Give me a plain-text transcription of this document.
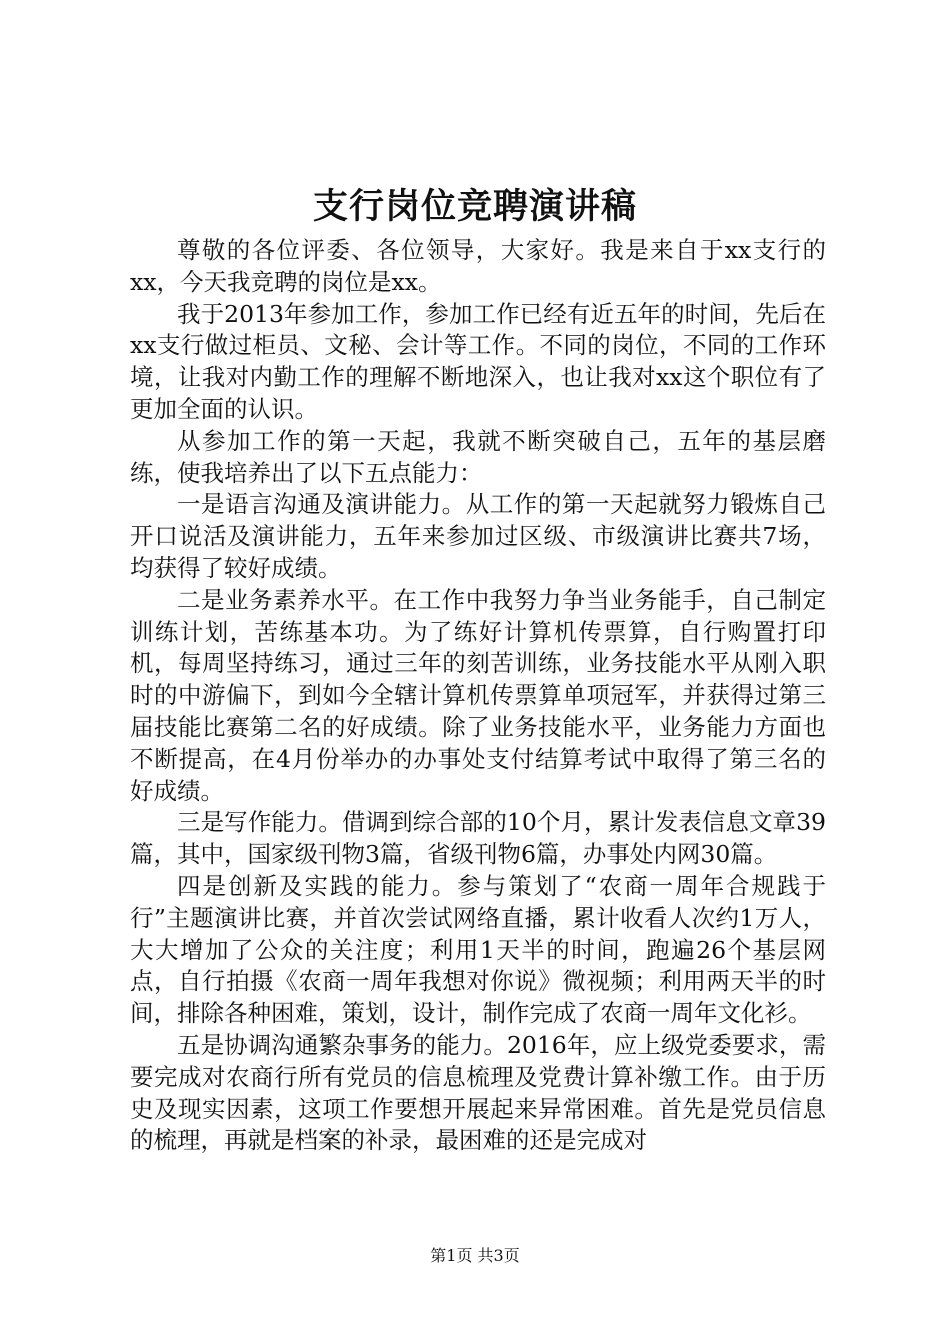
支行岗位竞聘演讲稿

尊敬的各位评委、各位领导，大家好。我是来自于xx支行的xx，今天我竞聘的岗位是xx。

我于2013年参加工作，参加工作已经有近五年的时间，先后在xx支行做过柜员、文秘、会计等工作。不同的岗位，不同的工作环境，让我对内勤工作的理解不断地深入，也让我对xx这个职位有了更加全面的认识。

从参加工作的第一天起，我就不断突破自己，五年的基层磨练，使我培养出了以下五点能力：

一是语言沟通及演讲能力。从工作的第一天起就努力锻炼自己开口说活及演讲能力，五年来参加过区级、市级演讲比赛共7场，均获得了较好成绩。

二是业务素养水平。在工作中我努力争当业务能手，自己制定训练计划，苦练基本功。为了练好计算机传票算，自行购置打印机，每周坚持练习，通过三年的刻苦训练，业务技能水平从刚入职时的中游偏下，到如今全辖计算机传票算单项冠军，并获得过第三届技能比赛第二名的好成绩。除了业务技能水平，业务能力方面也不断提高，在4月份举办的办事处支付结算考试中取得了第三名的好成绩。

三是写作能力。借调到综合部的10个月，累计发表信息文章39篇，其中，国家级刊物3篇，省级刊物6篇，办事处内网30篇。

四是创新及实践的能力。参与策划了“农商一周年合规践于行”主题演讲比赛，并首次尝试网络直播，累计收看人次约1万人，大大增加了公众的关注度；利用1天半的时间，跑遍26个基层网点，自行拍摄《农商一周年我想对你说》微视频；利用两天半的时间，排除各种困难，策划，设计，制作完成了农商一周年文化衫。

五是协调沟通繁杂事务的能力。2016年，应上级党委要求，需要完成对农商行所有党员的信息梳理及党费计算补缴工作。由于历史及现实因素，这项工作要想开展起来异常困难。首先是党员信息的梳理，再就是档案的补录，最困难的还是完成对

第1页 共3页
